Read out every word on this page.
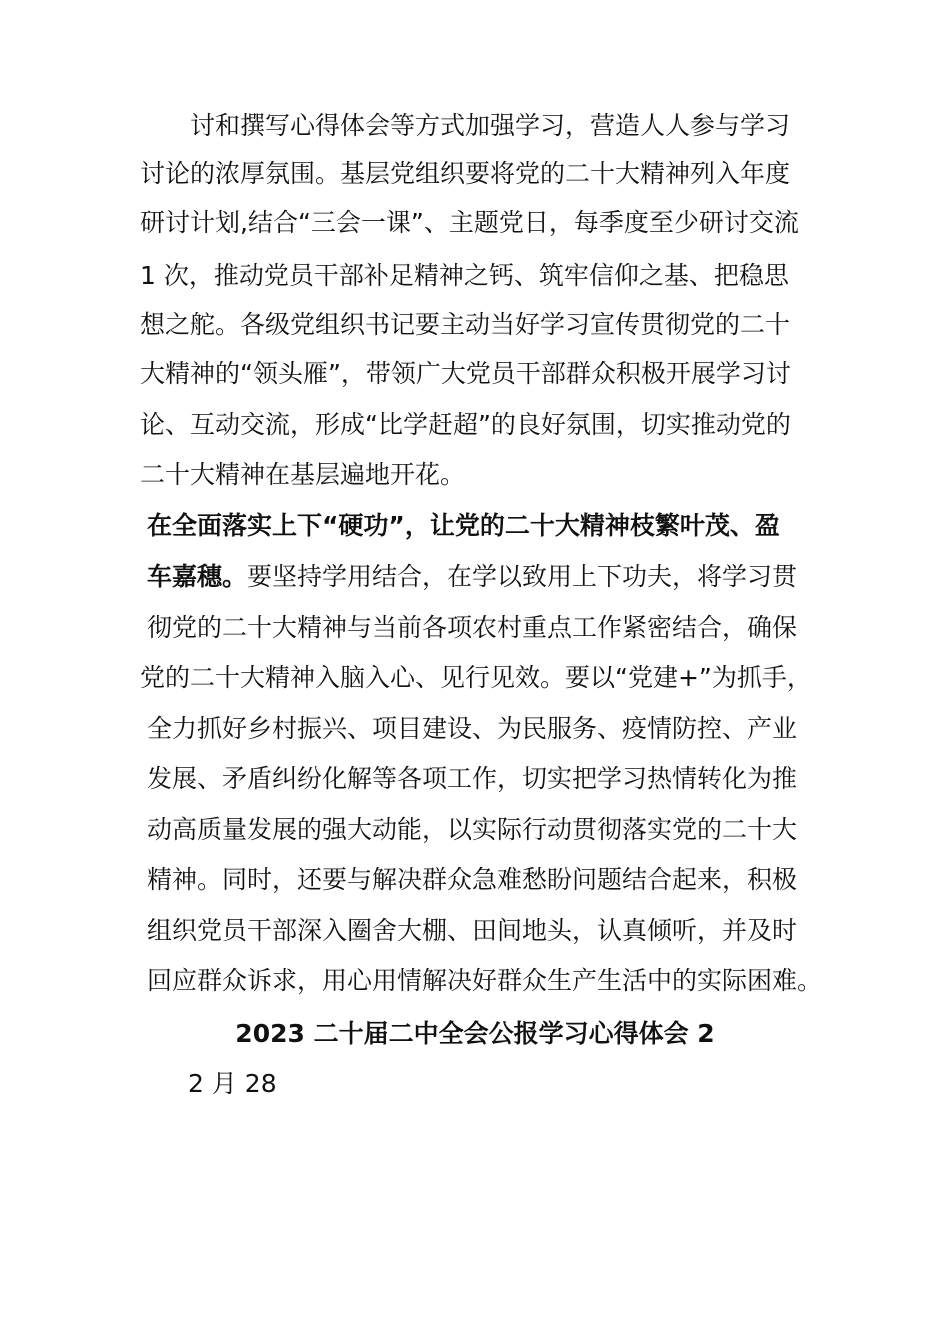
讨和撰写心得体会等方式加强学习，营造人人参与学习
讨论的浓厚氛围。基层党组织要将党的二十大精神列入年度
研讨计划,结合“三会一课”、主题党日，每季度至少研讨交流
1 次，推动党员干部补足精神之钙、筑牢信仰之基、把稳思
想之舵。各级党组织书记要主动当好学习宣传贯彻党的二十
大精神的“领头雁”，带领广大党员干部群众积极开展学习讨
论、互动交流，形成“比学赶超”的良好氛围，切实推动党的
二十大精神在基层遍地开花。
在全面落实上下“硬功”，让党的二十大精神枝繁叶茂、盈
车嘉穗。要坚持学用结合，在学以致用上下功夫，将学习贯
彻党的二十大精神与当前各项农村重点工作紧密结合，确保
党的二十大精神入脑入心、见行见效。要以“党建+”为抓手，
全力抓好乡村振兴、项目建设、为民服务、疫情防控、产业
发展、矛盾纠纷化解等各项工作，切实把学习热情转化为推
动高质量发展的强大动能，以实际行动贯彻落实党的二十大
精神。同时，还要与解决群众急难愁盼问题结合起来，积极
组织党员干部深入圈舍大棚、田间地头，认真倾听，并及时
回应群众诉求，用心用情解决好群众生产生活中的实际困难。
2023 二十届二中全会公报学习心得体会 2
2 月 28
